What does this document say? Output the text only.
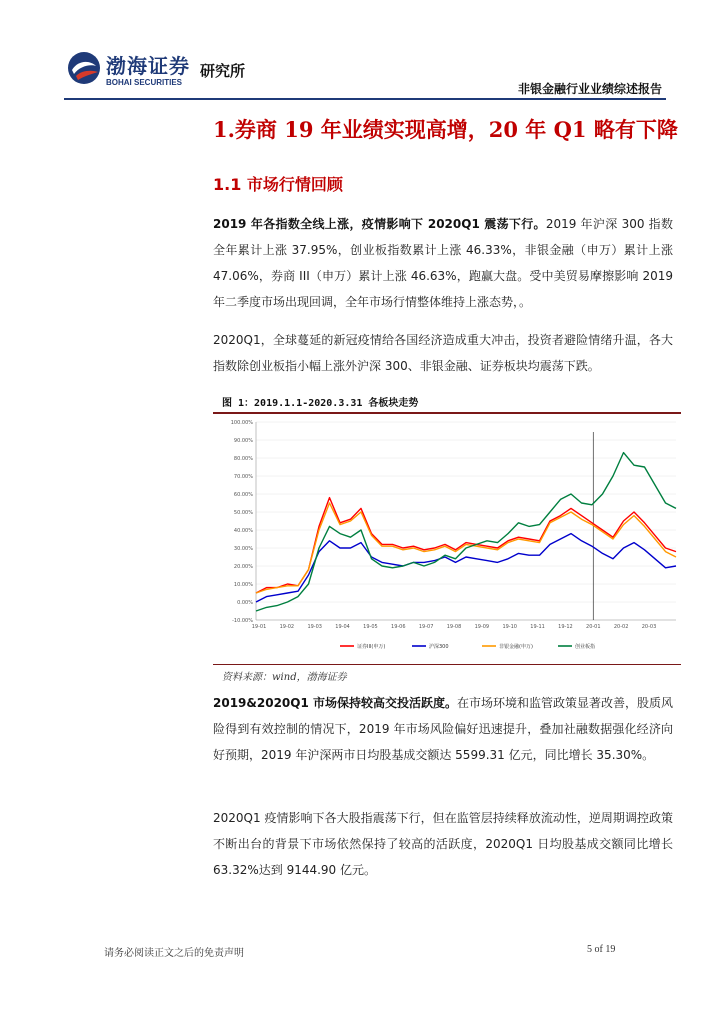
渤海证券
BOHAI SECURITIES
研究所
非银金融行业业绩综述报告
1.券商 19 年业绩实现高增，20 年 Q1 略有下降
1.1 市场行情回顾
2019 年各指数全线上涨，疫情影响下 2020Q1 震荡下行。2019 年沪深 300 指数全年累计上涨 37.95%，创业板指数累计上涨 46.33%，非银金融（申万）累计上涨 47.06%，券商 III（申万）累计上涨 46.63%，跑赢大盘。受中美贸易摩擦影响 2019 年二季度市场出现回调，全年市场行情整体维持上涨态势，。
2020Q1，全球蔓延的新冠疫情给各国经济造成重大冲击，投资者避险情绪升温，各大指数除创业板指小幅上涨外沪深 300、非银金融、证券板块均震荡下跌。
图 1：2019.1.1-2020.3.31 各板块走势
100.00%
90.00%
80.00%
70.00%
60.00%
50.00%
40.00%
30.00%
20.00%
10.00%
0.00%
-10.00%
19-01	19-02	19-03	19-04	19-05	19-06	19-07	19-08	19-09	19-10	19-11	19-12	20-01	20-02	20-03
证券III(申万)	沪深300	非银金融(申万)	创业板指
资料来源：wind，渤海证券
2019&2020Q1 市场保持较高交投活跃度。在市场环境和监管政策显著改善，股质风险得到有效控制的情况下，2019 年市场风险偏好迅速提升，叠加社融数据强化经济向好预期，2019 年沪深两市日均股基成交额达 5599.31 亿元，同比增长 35.30%。
2020Q1 疫情影响下各大股指震荡下行，但在监管层持续释放流动性，逆周期调控政策不断出台的背景下市场依然保持了较高的活跃度，2020Q1 日均股基成交额同比增长 63.32%达到 9144.90 亿元。
请务必阅读正文之后的免责声明	5 of 19
